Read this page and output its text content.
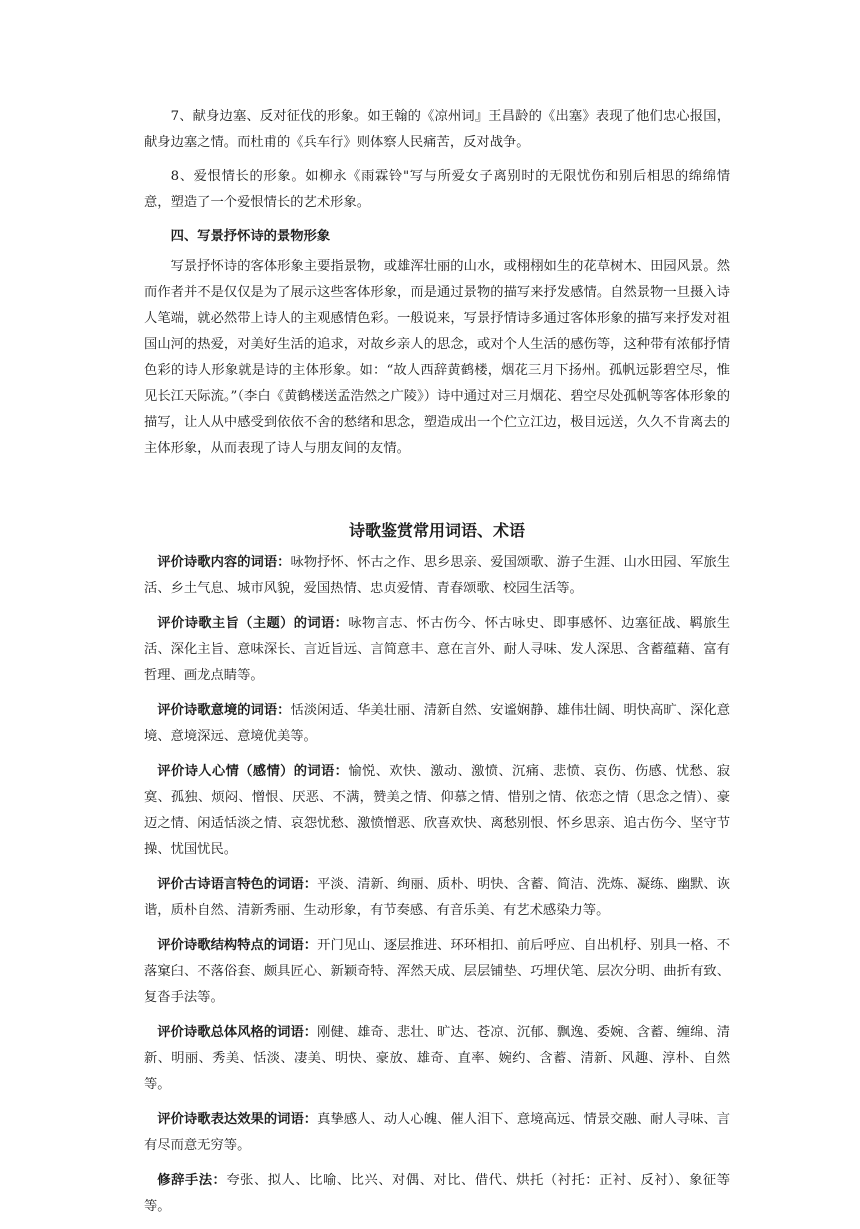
7、献身边塞、反对征伐的形象。如王翰的《凉州词』王昌龄的《出塞》表现了他们忠心报国，献身边塞之情。而杜甫的《兵车行》则体察人民痛苦，反对战争。

8、爱恨情长的形象。如柳永《雨霖铃"写与所爱女子离别时的无限忧伤和别后相思的绵绵情意，塑造了一个爱恨情长的艺术形象。

四、写景抒怀诗的景物形象

写景抒怀诗的客体形象主要指景物，或雄浑壮丽的山水，或栩栩如生的花草树木、田园风景。然而作者并不是仅仅是为了展示这些客体形象，而是通过景物的描写来抒发感情。自然景物一旦摄入诗人笔端，就必然带上诗人的主观感情色彩。一般说来，写景抒情诗多通过客体形象的描写来抒发对祖国山河的热爱，对美好生活的追求，对故乡亲人的思念，或对个人生活的感伤等，这种带有浓郁抒情色彩的诗人形象就是诗的主体形象。如：“故人西辞黄鹤楼，烟花三月下扬州。孤帆远影碧空尽，惟见长江天际流。”（李白《黄鹤楼送孟浩然之广陵》）诗中通过对三月烟花、碧空尽处孤帆等客体形象的描写，让人从中感受到依依不舍的愁绪和思念，塑造成出一个伫立江边，极目远送，久久不肯离去的主体形象，从而表现了诗人与朋友间的友情。

诗歌鉴赏常用词语、术语

评价诗歌内容的词语：咏物抒怀、怀古之作、思乡思亲、爱国颂歌、游子生涯、山水田园、军旅生活、乡土气息、城市风貌，爱国热情、忠贞爱情、青春颂歌、校园生活等。

评价诗歌主旨（主题）的词语：咏物言志、怀古伤今、怀古咏史、即事感怀、边塞征战、羁旅生活、深化主旨、意味深长、言近旨远、言简意丰、意在言外、耐人寻味、发人深思、含蓄蕴藉、富有哲理、画龙点睛等。

评价诗歌意境的词语：恬淡闲适、华美壮丽、清新自然、安谧娴静、雄伟壮阔、明快高旷、深化意境、意境深远、意境优美等。

评价诗人心情（感情）的词语：愉悦、欢快、激动、激愤、沉痛、悲愤、哀伤、伤感、忧愁、寂寞、孤独、烦闷、憎恨、厌恶、不满，赞美之情、仰慕之情、惜别之情、依恋之情（思念之情）、豪迈之情、闲适恬淡之情、哀怨忧愁、激愤憎恶、欣喜欢快、离愁别恨、怀乡思亲、追古伤今、坚守节操、忧国忧民。

评价古诗语言特色的词语：平淡、清新、绚丽、质朴、明快、含蓄、简洁、洗炼、凝练、幽默、诙谐，质朴自然、清新秀丽、生动形象，有节奏感、有音乐美、有艺术感染力等。

评价诗歌结构特点的词语：开门见山、逐层推进、环环相扣、前后呼应、自出机杼、别具一格、不落窠臼、不落俗套、颇具匠心、新颖奇特、浑然天成、层层铺垫、巧埋伏笔、层次分明、曲折有致、复沓手法等。

评价诗歌总体风格的词语：刚健、雄奇、悲壮、旷达、苍凉、沉郁、飘逸、委婉、含蓄、缠绵、清新、明丽、秀美、恬淡、凄美、明快、豪放、雄奇、直率、婉约、含蓄、清新、风趣、淳朴、自然等。

评价诗歌表达效果的词语：真挚感人、动人心魄、催人泪下、意境高远、情景交融、耐人寻味、言有尽而意无穷等。

修辞手法：夸张、拟人、比喻、比兴、对偶、对比、借代、烘托（衬托：正衬、反衬）、象征等等。
